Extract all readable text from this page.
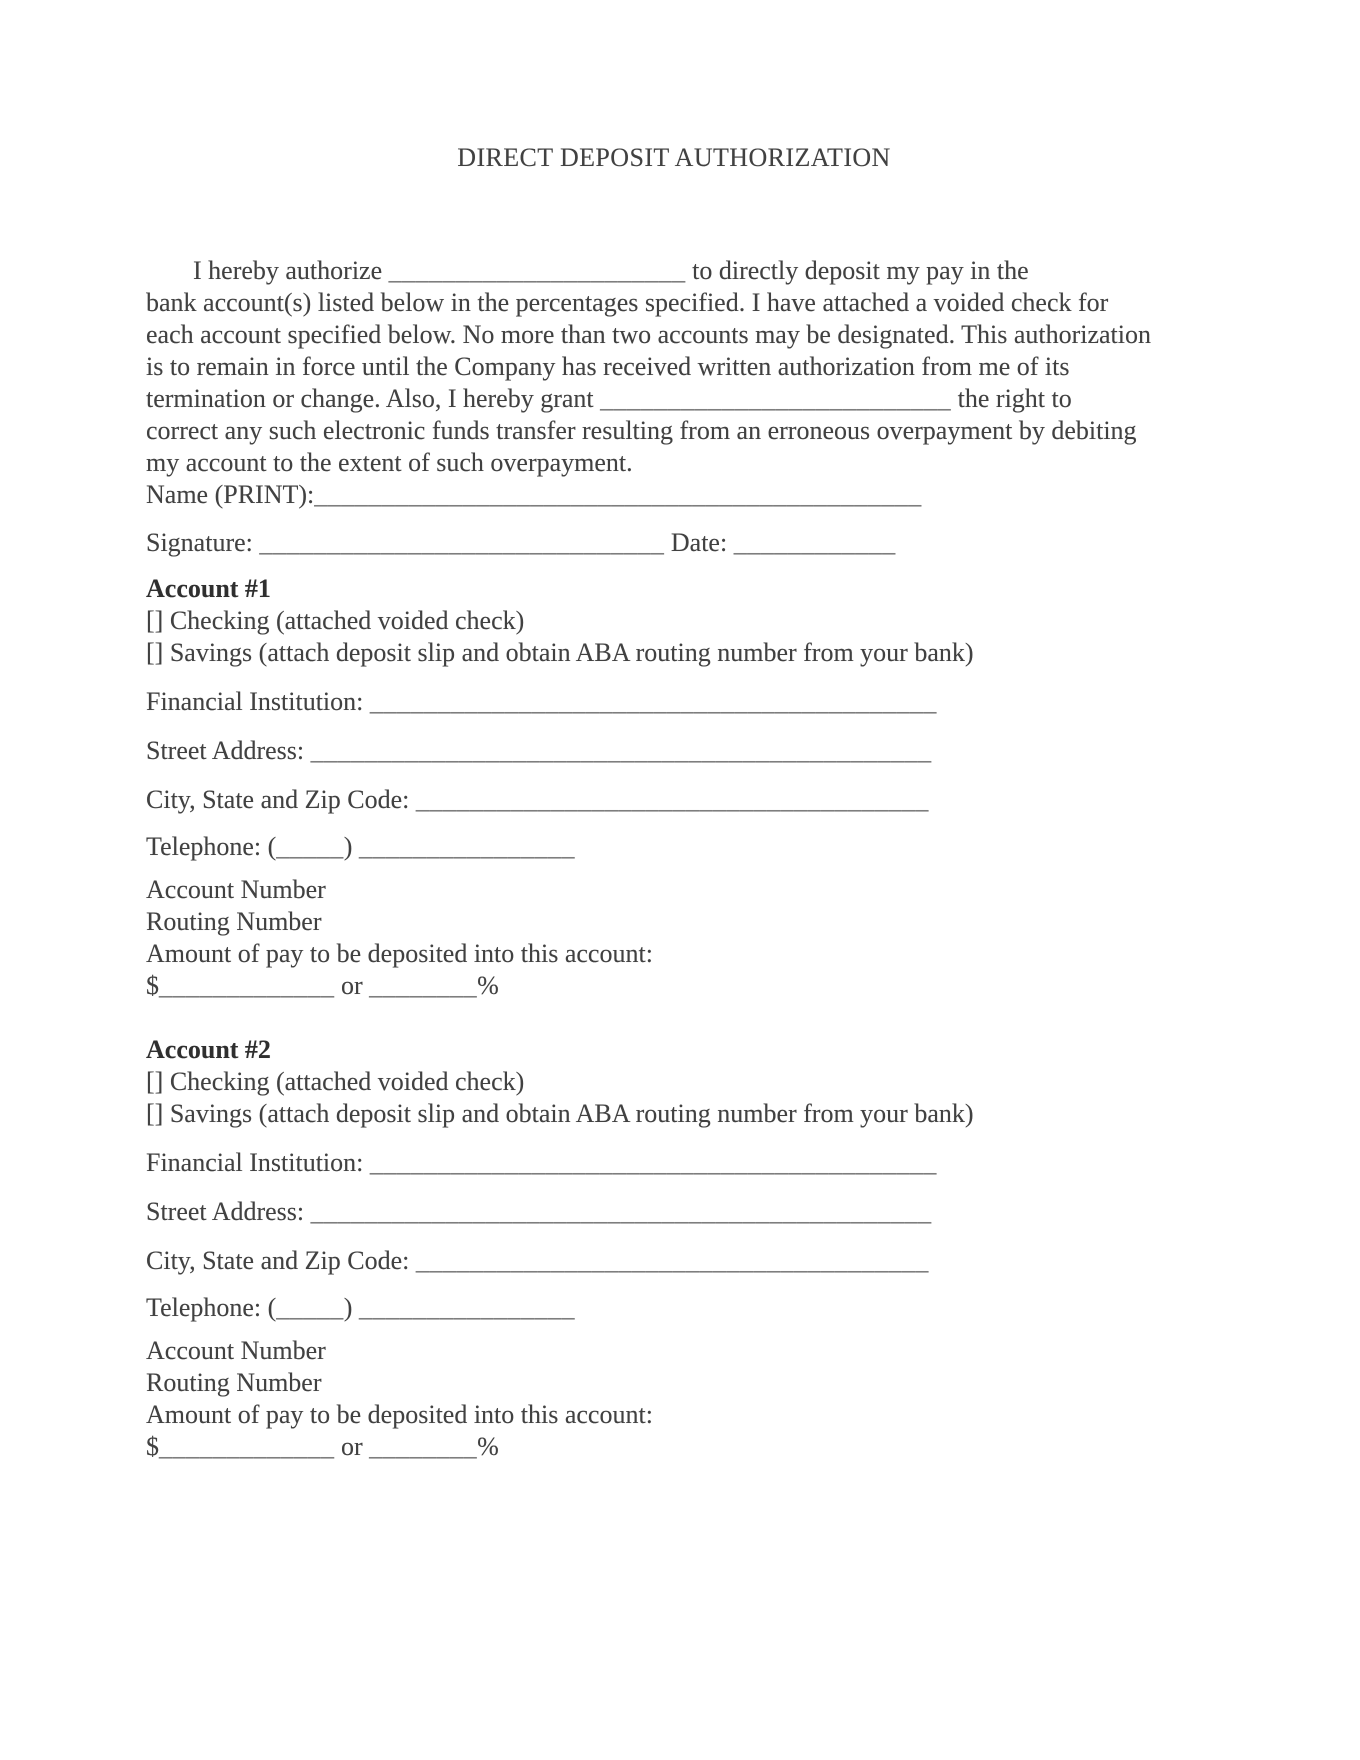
DIRECT DEPOSIT AUTHORIZATION
I hereby authorize ______________________ to directly deposit my pay in the
bank account(s) listed below in the percentages specified. I have attached a voided check for
each account specified below. No more than two accounts may be designated. This authorization
is to remain in force until the Company has received written authorization from me of its
termination or change. Also, I hereby grant __________________________ the right to
correct any such electronic funds transfer resulting from an erroneous overpayment by debiting
my account to the extent of such overpayment.
Name (PRINT):_____________________________________________
Signature: ______________________________ Date: ____________
Account #1
[] Checking (attached voided check)
[] Savings (attach deposit slip and obtain ABA routing number from your bank)
Financial Institution: __________________________________________
Street Address: ______________________________________________
City, State and Zip Code: ______________________________________
Telephone: (_____) ________________
Account Number
Routing Number
Amount of pay to be deposited into this account:
$_____________ or ________%
Account #2
[] Checking (attached voided check)
[] Savings (attach deposit slip and obtain ABA routing number from your bank)
Financial Institution: __________________________________________
Street Address: ______________________________________________
City, State and Zip Code: ______________________________________
Telephone: (_____) ________________
Account Number
Routing Number
Amount of pay to be deposited into this account:
$_____________ or ________%
